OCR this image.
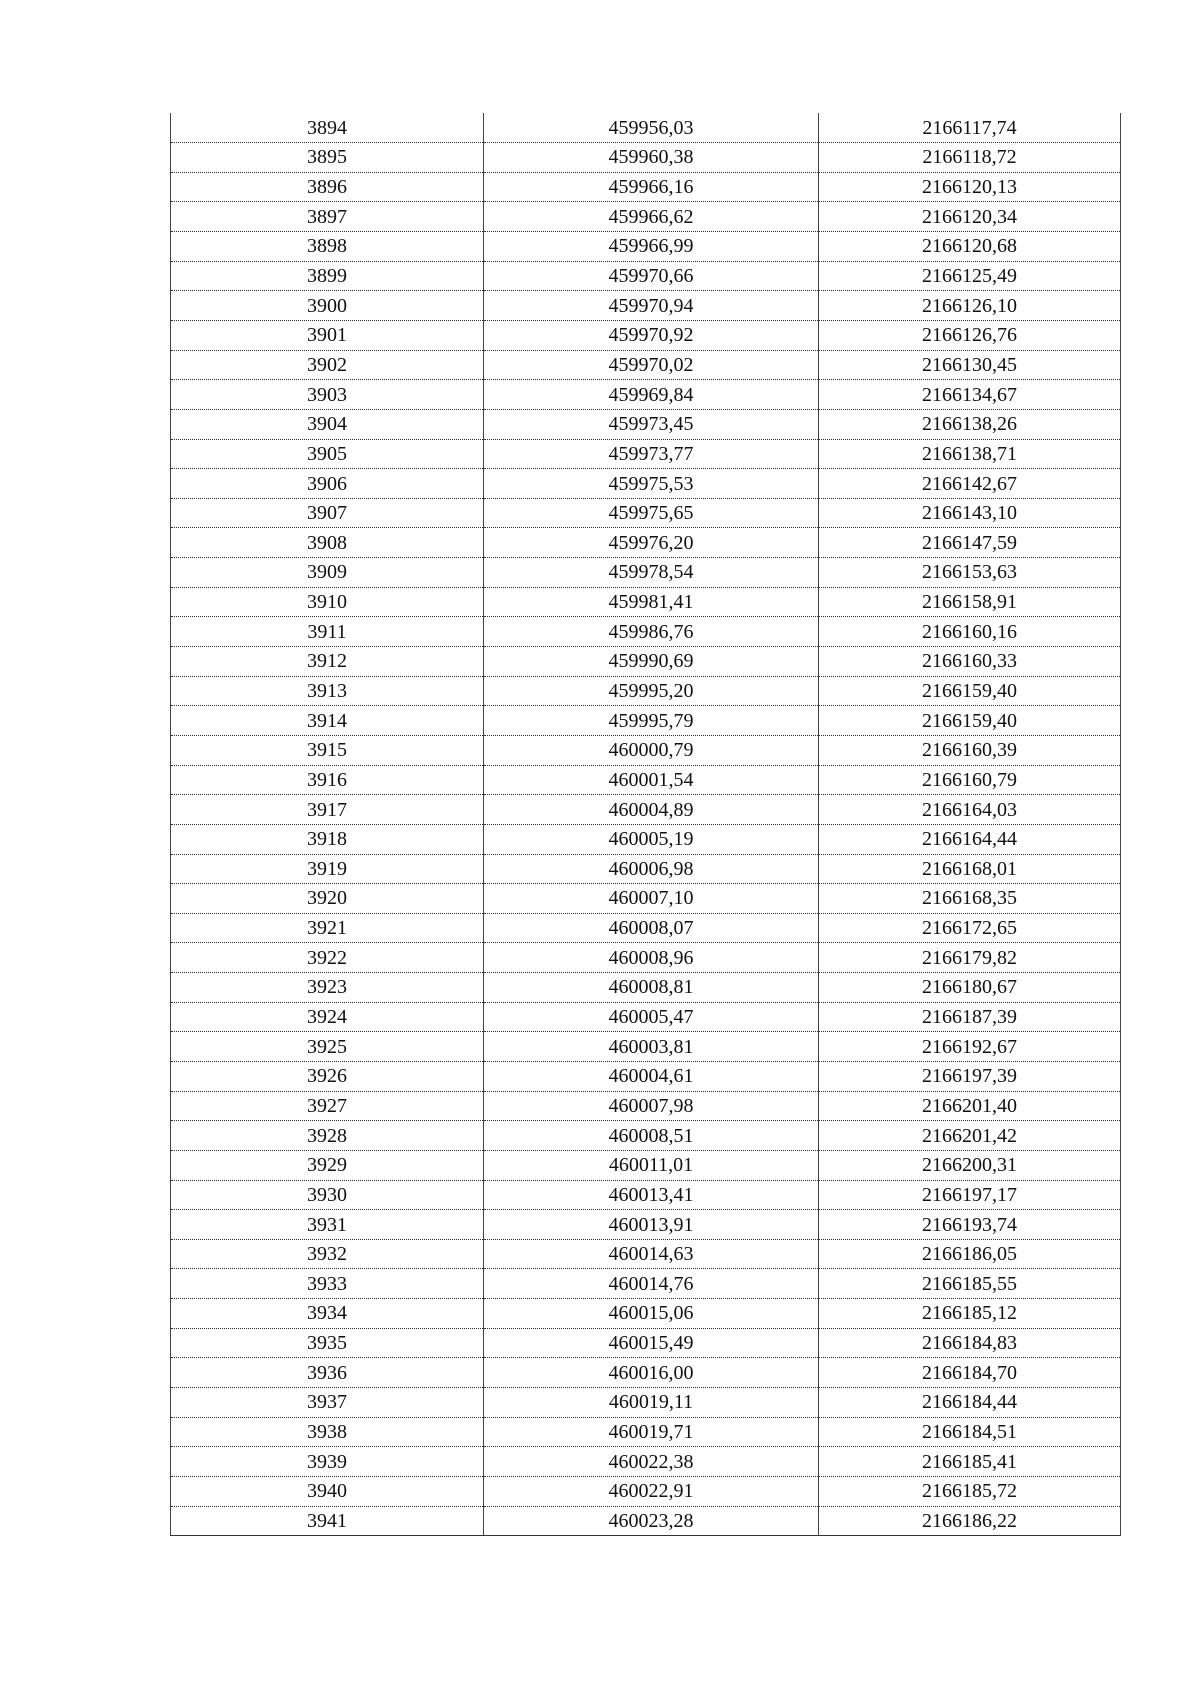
3894	459956,03	2166117,74
3895	459960,38	2166118,72
3896	459966,16	2166120,13
3897	459966,62	2166120,34
3898	459966,99	2166120,68
3899	459970,66	2166125,49
3900	459970,94	2166126,10
3901	459970,92	2166126,76
3902	459970,02	2166130,45
3903	459969,84	2166134,67
3904	459973,45	2166138,26
3905	459973,77	2166138,71
3906	459975,53	2166142,67
3907	459975,65	2166143,10
3908	459976,20	2166147,59
3909	459978,54	2166153,63
3910	459981,41	2166158,91
3911	459986,76	2166160,16
3912	459990,69	2166160,33
3913	459995,20	2166159,40
3914	459995,79	2166159,40
3915	460000,79	2166160,39
3916	460001,54	2166160,79
3917	460004,89	2166164,03
3918	460005,19	2166164,44
3919	460006,98	2166168,01
3920	460007,10	2166168,35
3921	460008,07	2166172,65
3922	460008,96	2166179,82
3923	460008,81	2166180,67
3924	460005,47	2166187,39
3925	460003,81	2166192,67
3926	460004,61	2166197,39
3927	460007,98	2166201,40
3928	460008,51	2166201,42
3929	460011,01	2166200,31
3930	460013,41	2166197,17
3931	460013,91	2166193,74
3932	460014,63	2166186,05
3933	460014,76	2166185,55
3934	460015,06	2166185,12
3935	460015,49	2166184,83
3936	460016,00	2166184,70
3937	460019,11	2166184,44
3938	460019,71	2166184,51
3939	460022,38	2166185,41
3940	460022,91	2166185,72
3941	460023,28	2166186,22
